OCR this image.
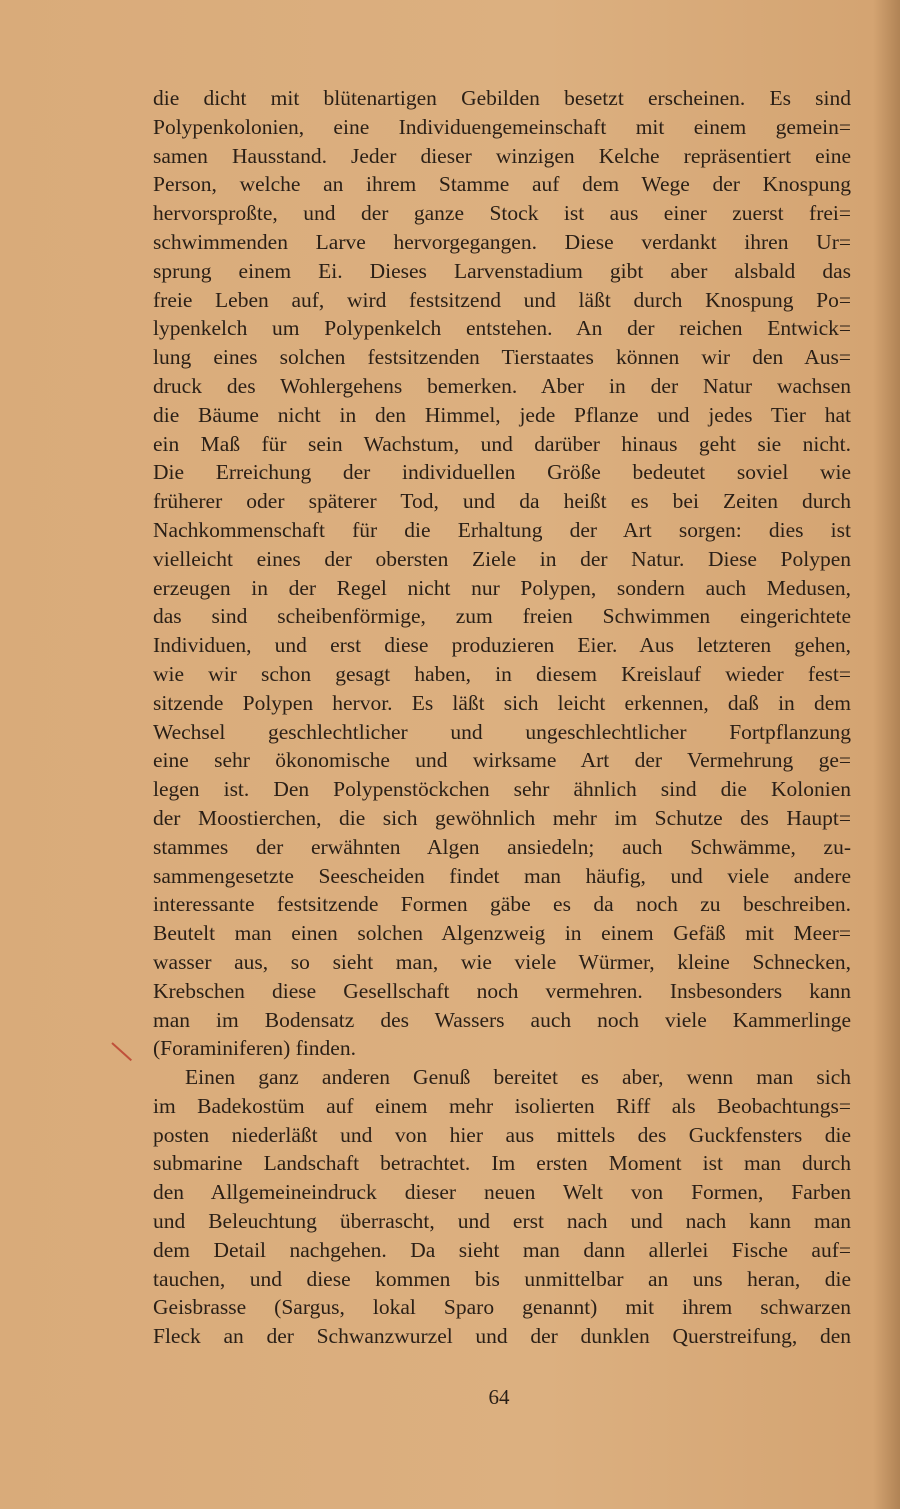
die dicht mit blütenartigen Gebilden besetzt erscheinen. Es sind
Polypenkolonien, eine Individuengemeinschaft mit einem gemein=
samen Hausstand. Jeder dieser winzigen Kelche repräsentiert eine
Person, welche an ihrem Stamme auf dem Wege der Knospung
hervorsproßte, und der ganze Stock ist aus einer zuerst frei=
schwimmenden Larve hervorgegangen. Diese verdankt ihren Ur=
sprung einem Ei. Dieses Larvenstadium gibt aber alsbald das
freie Leben auf, wird festsitzend und läßt durch Knospung Po=
lypenkelch um Polypenkelch entstehen. An der reichen Entwick=
lung eines solchen festsitzenden Tierstaates können wir den Aus=
druck des Wohlergehens bemerken. Aber in der Natur wachsen
die Bäume nicht in den Himmel, jede Pflanze und jedes Tier hat
ein Maß für sein Wachstum, und darüber hinaus geht sie nicht.
Die Erreichung der individuellen Größe bedeutet soviel wie
früherer oder späterer Tod, und da heißt es bei Zeiten durch
Nachkommenschaft für die Erhaltung der Art sorgen: dies ist
vielleicht eines der obersten Ziele in der Natur. Diese Polypen
erzeugen in der Regel nicht nur Polypen, sondern auch Medusen,
das sind scheibenförmige, zum freien Schwimmen eingerichtete
Individuen, und erst diese produzieren Eier. Aus letzteren gehen,
wie wir schon gesagt haben, in diesem Kreislauf wieder fest=
sitzende Polypen hervor. Es läßt sich leicht erkennen, daß in dem
Wechsel geschlechtlicher und ungeschlechtlicher Fortpflanzung
eine sehr ökonomische und wirksame Art der Vermehrung ge=
legen ist. Den Polypenstöckchen sehr ähnlich sind die Kolonien
der Moostierchen, die sich gewöhnlich mehr im Schutze des Haupt=
stammes der erwähnten Algen ansiedeln; auch Schwämme, zu-
sammengesetzte Seescheiden findet man häufig, und viele andere
interessante festsitzende Formen gäbe es da noch zu beschreiben.
Beutelt man einen solchen Algenzweig in einem Gefäß mit Meer=
wasser aus, so sieht man, wie viele Würmer, kleine Schnecken,
Krebschen diese Gesellschaft noch vermehren. Insbesonders kann
man im Bodensatz des Wassers auch noch viele Kammerlinge
(Foraminiferen) finden.
Einen ganz anderen Genuß bereitet es aber, wenn man sich
im Badekostüm auf einem mehr isolierten Riff als Beobachtungs=
posten niederläßt und von hier aus mittels des Guckfensters die
submarine Landschaft betrachtet. Im ersten Moment ist man durch
den Allgemeineindruck dieser neuen Welt von Formen, Farben
und Beleuchtung überrascht, und erst nach und nach kann man
dem Detail nachgehen. Da sieht man dann allerlei Fische auf=
tauchen, und diese kommen bis unmittelbar an uns heran, die
Geisbrasse (Sargus, lokal Sparo genannt) mit ihrem schwarzen
Fleck an der Schwanzwurzel und der dunklen Querstreifung, den
64
